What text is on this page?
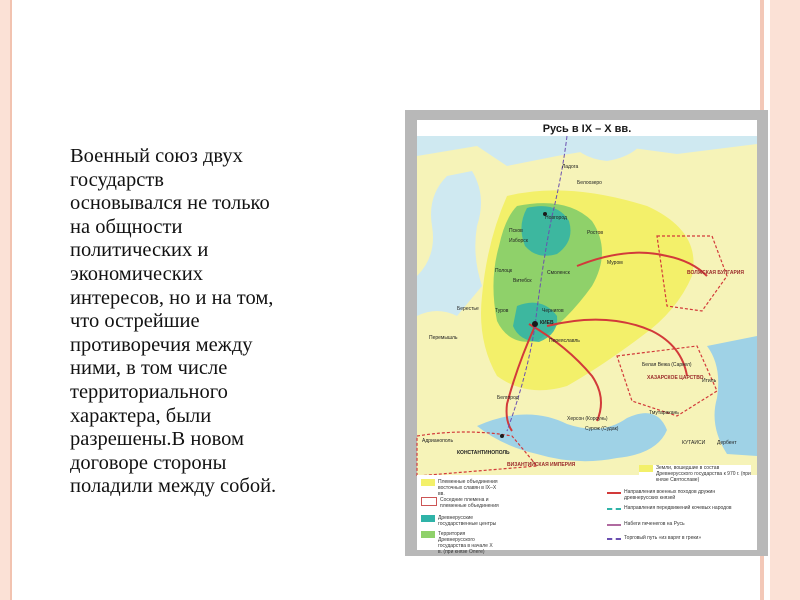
Военный союз двух
государств
основывался не только
на общности
политических и
экономических
интересов, но и на том,
что острейшие
противоречия между
ними, в том числе
территориального
характера, были
разрешены.В новом
договоре стороны
поладили между собой.
Русь в IX – X вв.
КИЕВ
Новгород
Ладога
Белоозеро
Псков
Изборск
Ростов
Муром
Смоленск
Полоцк
Витебск
Туров	Чернигов
Переяславль
Берестье
Перемышль
Белгород
ВОЛЖСКАЯ БУЛГАРИЯ
ХАЗАРСКОЕ ЦАРСТВО
Белая Вежа (Саркел)
Итиль
Тмутаракань
Херсон (Корсунь)
Сурож (Судак)
КУТАИСИ Дербент
Адрианополь
КОНСТАНТИНОПОЛЬ
ВИЗАНТИЙСКАЯ ИМПЕРИЯ
Племенные объединения восточных славян в IX–X вв.
Соседние племена и племенные объединения
Древнерусские государственные центры
Территория Древнерусского государства в начале X в. (при князе Олеге)
Земли, вошедшие в состав Древнерусского государства к 970 г. (при князе Святославе)
Направления военных походов дружин древнерусских князей
Направления передвижений кочевых народов
Набеги печенегов на Русь
Торговый путь «из варяг в греки»
